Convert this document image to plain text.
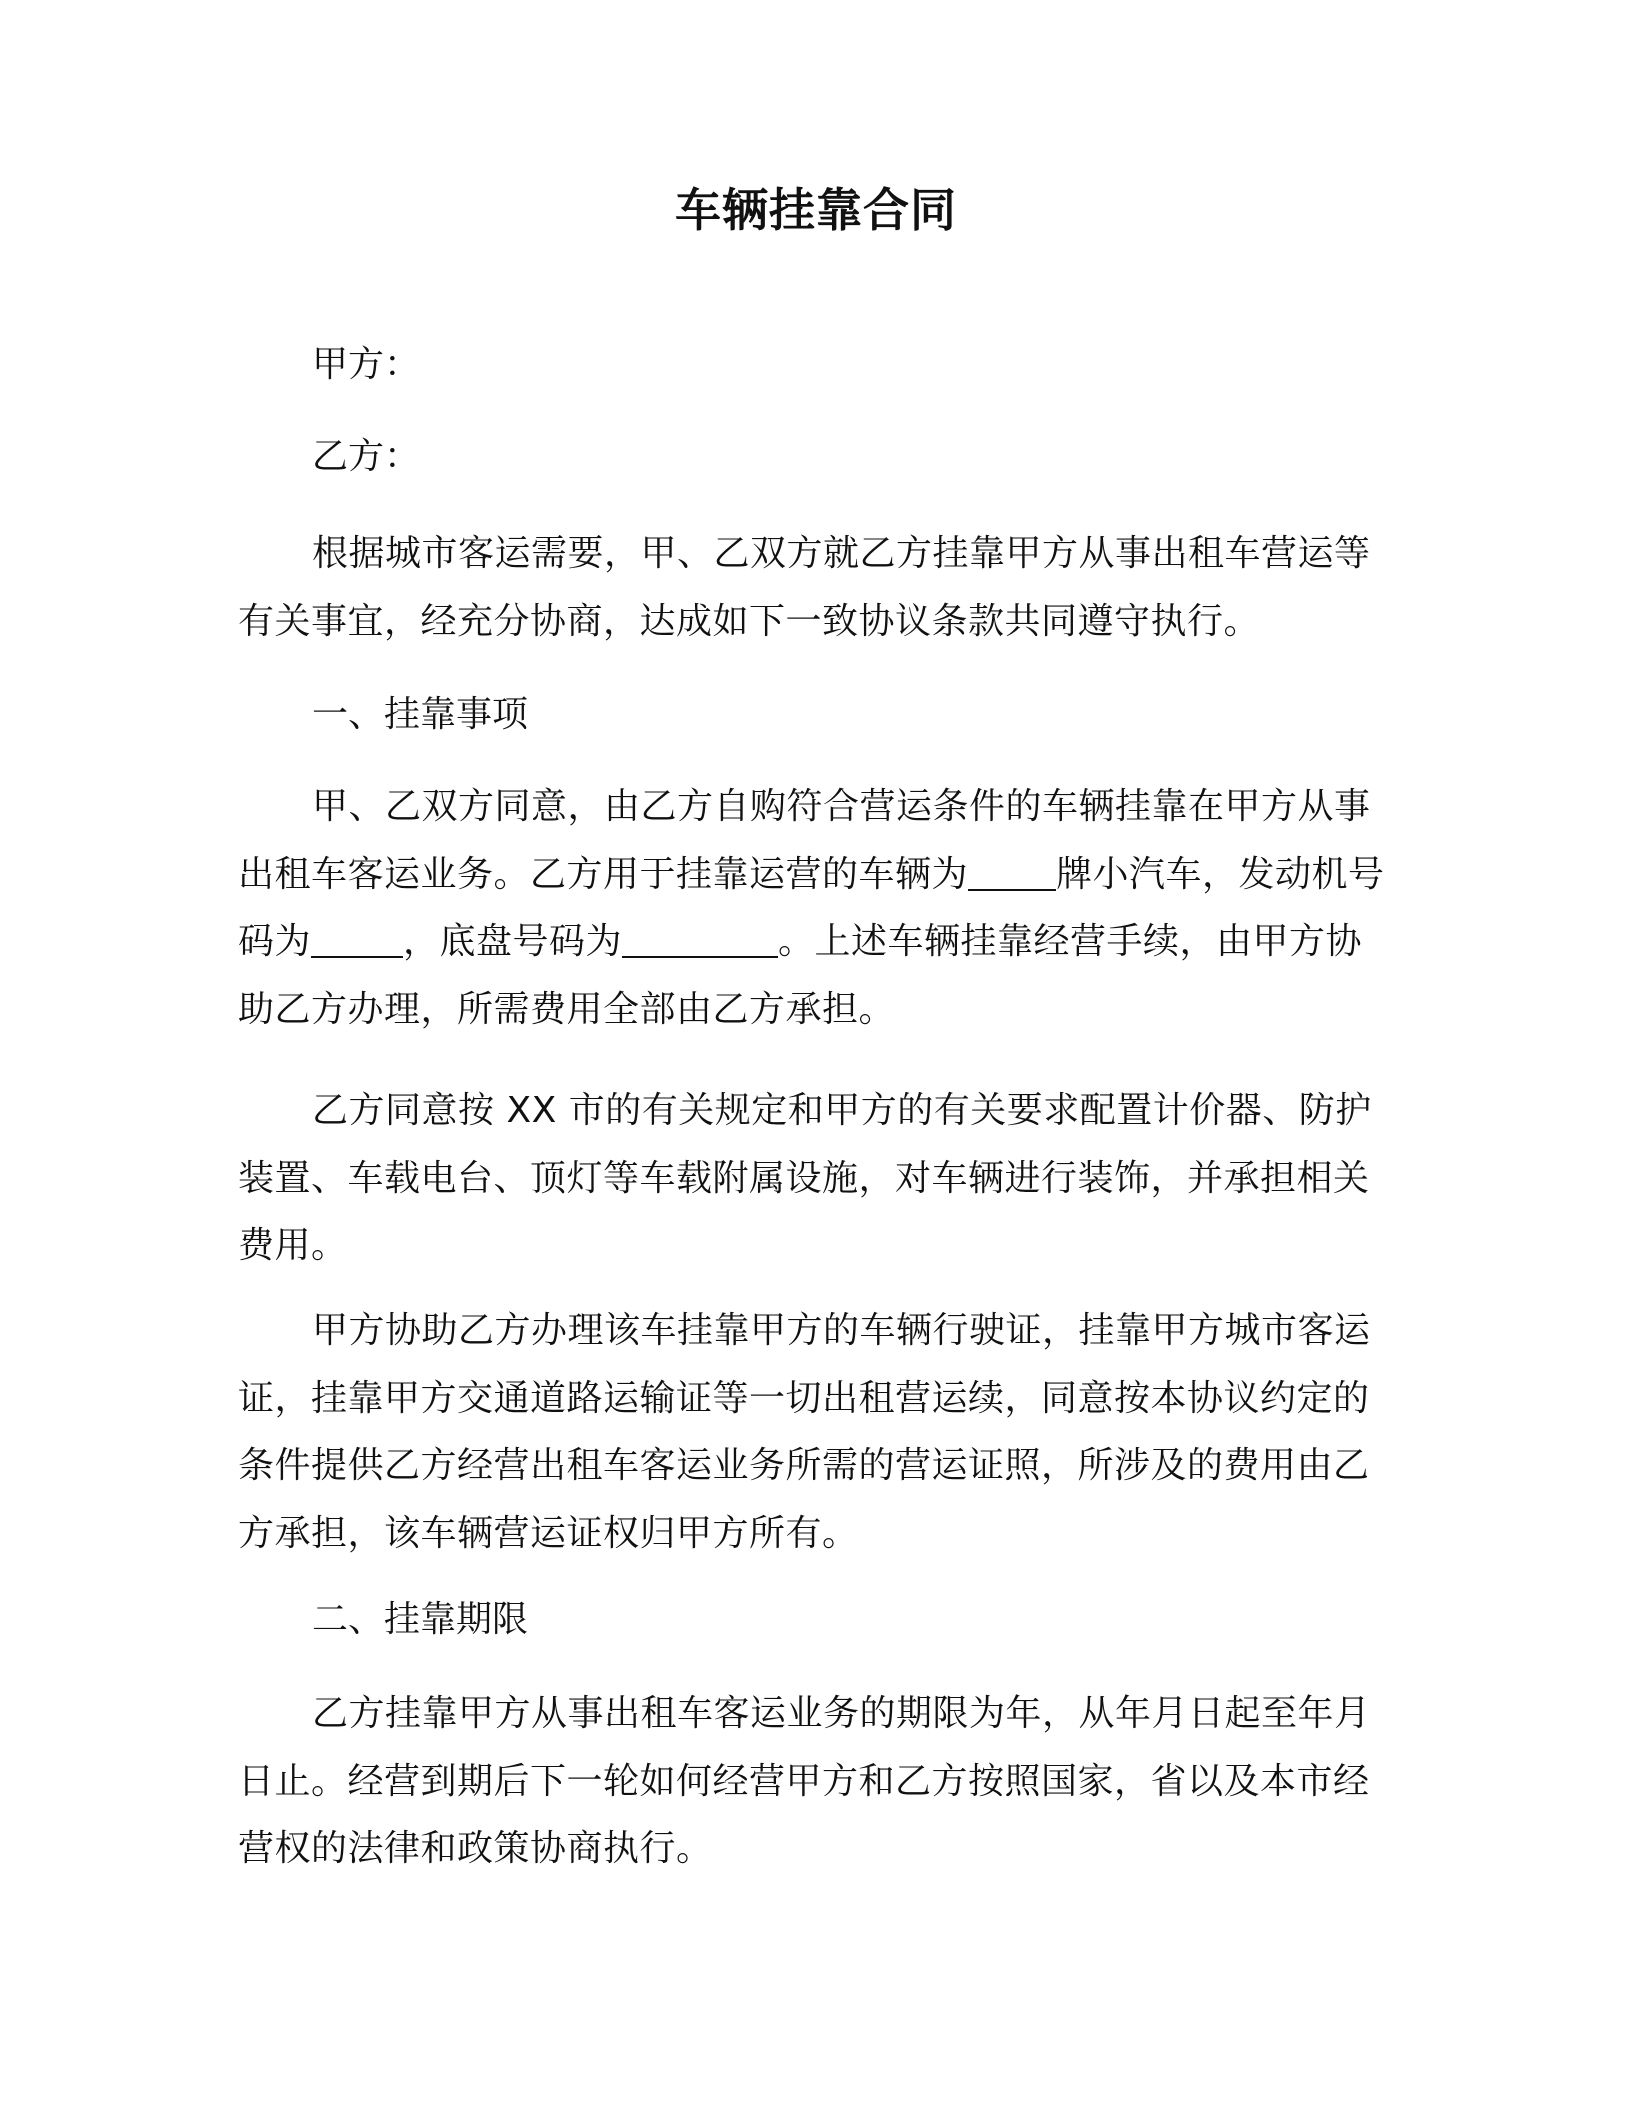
车辆挂靠合同
甲方：
乙方：
根据城市客运需要，甲、乙双方就乙方挂靠甲方从事出租车营运等有关事宜，经充分协商，达成如下一致协议条款共同遵守执行。
一、挂靠事项
甲、乙双方同意，由乙方自购符合营运条件的车辆挂靠在甲方从事出租车客运业务。乙方用于挂靠运营的车辆为 牌小汽车，发动机号码为	，底盘号码为	。上述车辆挂靠经营手续，由甲方协助乙方办理，所需费用全部由乙方承担。
乙方同意按 XX 市的有关规定和甲方的有关要求配置计价器、防护装置、车载电台、顶灯等车载附属设施，对车辆进行装饰，并承担相关费用。
甲方协助乙方办理该车挂靠甲方的车辆行驶证，挂靠甲方城市客运证，挂靠甲方交通道路运输证等一切出租营运续，同意按本协议约定的条件提供乙方经营出租车客运业务所需的营运证照，所涉及的费用由乙方承担，该车辆营运证权归甲方所有。
二、挂靠期限
乙方挂靠甲方从事出租车客运业务的期限为年，从年月日起至年月日止。经营到期后下一轮如何经营甲方和乙方按照国家，省以及本市经营权的法律和政策协商执行。
